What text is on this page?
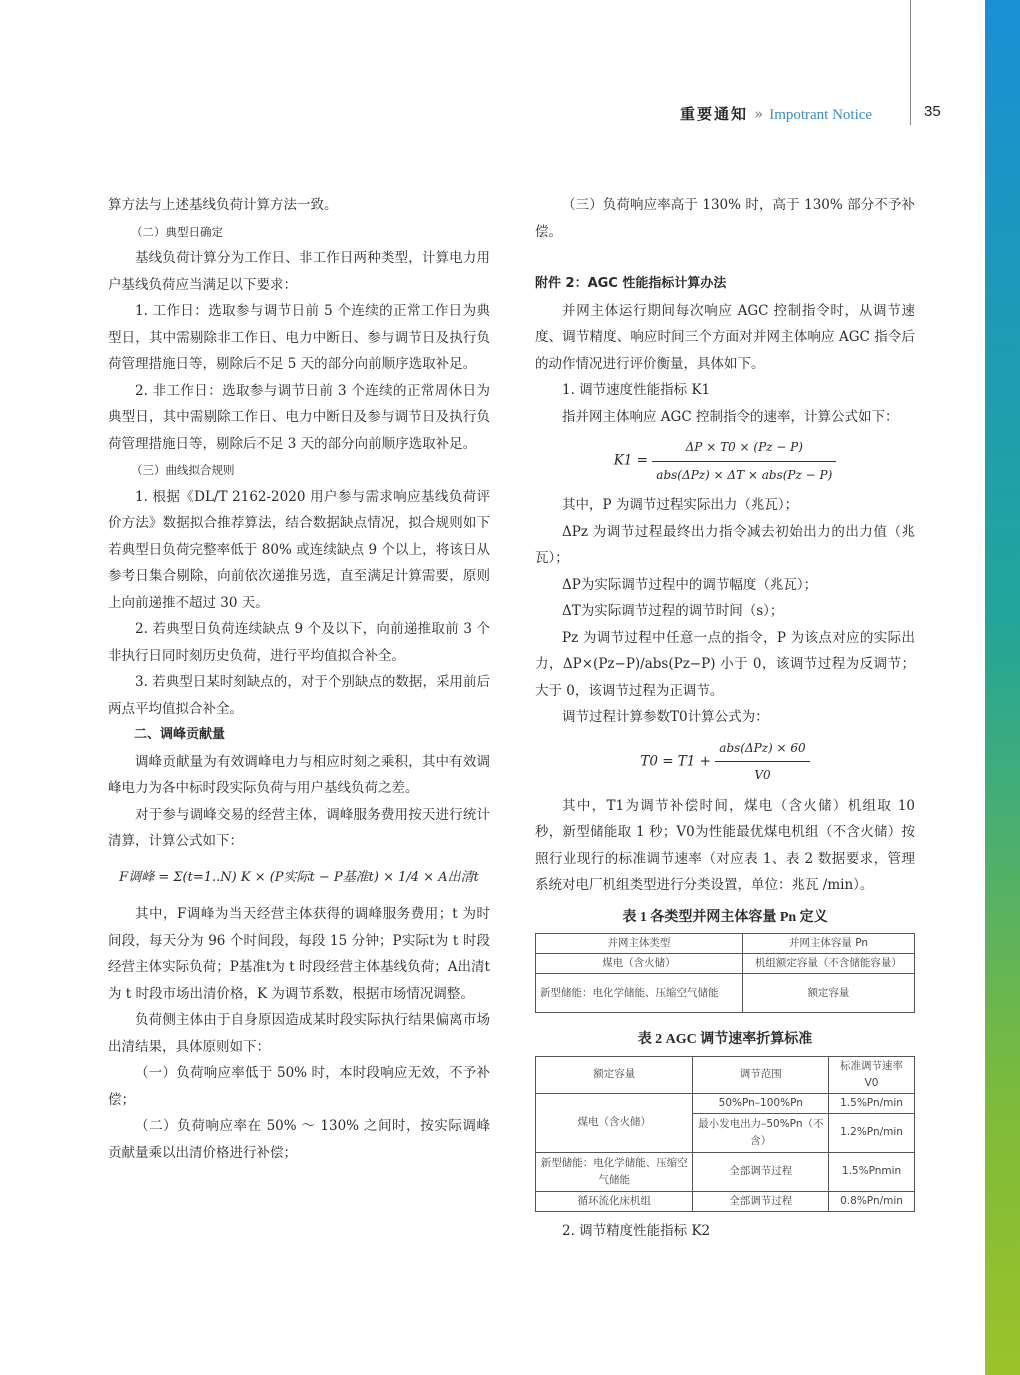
重要通知 » Impotrant Notice	35

算方法与上述基线负荷计算方法一致。

（二）典型日确定

基线负荷计算分为工作日、非工作日两种类型，计算电力用户基线负荷应当满足以下要求：

1. 工作日：选取参与调节日前 5 个连续的正常工作日为典型日，其中需剔除非工作日、电力中断日、参与调节日及执行负荷管理措施日等，剔除后不足 5 天的部分向前顺序选取补足。

2. 非工作日：选取参与调节日前 3 个连续的正常周休日为典型日，其中需剔除工作日、电力中断日及参与调节日及执行负荷管理措施日等，剔除后不足 3 天的部分向前顺序选取补足。

（三）曲线拟合规则

1. 根据《DL/T 2162-2020 用户参与需求响应基线负荷评价方法》数据拟合推荐算法，结合数据缺点情况，拟合规则如下若典型日负荷完整率低于 80% 或连续缺点 9 个以上，将该日从参考日集合剔除，向前依次递推另选，直至满足计算需要，原则上向前递推不超过 30 天。

2. 若典型日负荷连续缺点 9 个及以下，向前递推取前 3 个非执行日同时刻历史负荷，进行平均值拟合补全。

3. 若典型日某时刻缺点的，对于个别缺点的数据，采用前后两点平均值拟合补全。

二、调峰贡献量

调峰贡献量为有效调峰电力与相应时刻之乘积，其中有效调峰电力为各中标时段实际负荷与用户基线负荷之差。

对于参与调峰交易的经营主体，调峰服务费用按天进行统计清算，计算公式如下：

F调峰 = Σ(t=1..N) K × (P实际t − P基准t) × 1/4 × A出清t

其中，F调峰为当天经营主体获得的调峰服务费用；t 为时间段，每天分为 96 个时间段，每段 15 分钟；P实际t为 t 时段经营主体实际负荷；P基准t为 t 时段经营主体基线负荷；A出清t为 t 时段市场出清价格，K 为调节系数，根据市场情况调整。

负荷侧主体由于自身原因造成某时段实际执行结果偏离市场出清结果，具体原则如下：

（一）负荷响应率低于 50% 时，本时段响应无效，不予补偿；

（二）负荷响应率在 50% ～ 130% 之间时，按实际调峰贡献量乘以出清价格进行补偿；

（三）负荷响应率高于 130% 时，高于 130% 部分不予补偿。

附件 2：AGC 性能指标计算办法

并网主体运行期间每次响应 AGC 控制指令时，从调节速度、调节精度、响应时间三个方面对并网主体响应 AGC 指令后的动作情况进行评价衡量，具体如下。

1. 调节速度性能指标 K1

指并网主体响应 AGC 控制指令的速率，计算公式如下：

$K1 = \frac{\Delta P \times T0 \times (Pz - P)}{\text{abs(ΔPz) × ΔT × abs(Pz − P)}}$

其中，P 为调节过程实际出力（兆瓦）；

ΔPz 为调节过程最终出力指令减去初始出力的出力值（兆瓦）；

ΔP为实际调节过程中的调节幅度（兆瓦）；

ΔT为实际调节过程的调节时间（s）；

Pz 为调节过程中任意一点的指令，P 为该点对应的实际出力，ΔP×(Pz−P)/abs(Pz−P) 小于 0，该调节过程为反调节；大于 0，该调节过程为正调节。

调节过程计算参数T0计算公式为：

$T0 = T1 + \frac{\text{abs(ΔPz) × 60}}{V0}$

其中，T1为调节补偿时间，煤电（含火储）机组取 10 秒，新型储能取 1 秒；V0为性能最优煤电机组（不含火储）按照行业现行的标准调节速率（对应表 1、表 2 数据要求，管理系统对电厂机组类型进行分类设置，单位：兆瓦 /min）。

表 1 各类型并网主体容量 Pn 定义
并网主体类型	并网主体容量 Pn
煤电（含火储）	机组额定容量（不含储能容量）
新型储能：电化学储能、压缩空气储能	额定容量
表 2 AGC 调节速率折算标准
额定容量	调节范围	标准调节速率 V0
煤电（含火储）	50%Pn–100%Pn	1.5%Pn/min
	最小发电出力–50%Pn（不含）	1.2%Pn/min
新型储能：电化学储能、压缩空气储能	全部调节过程	1.5%Pnmin
循环流化床机组	全部调节过程	0.8%Pn/min

2. 调节精度性能指标 K2
